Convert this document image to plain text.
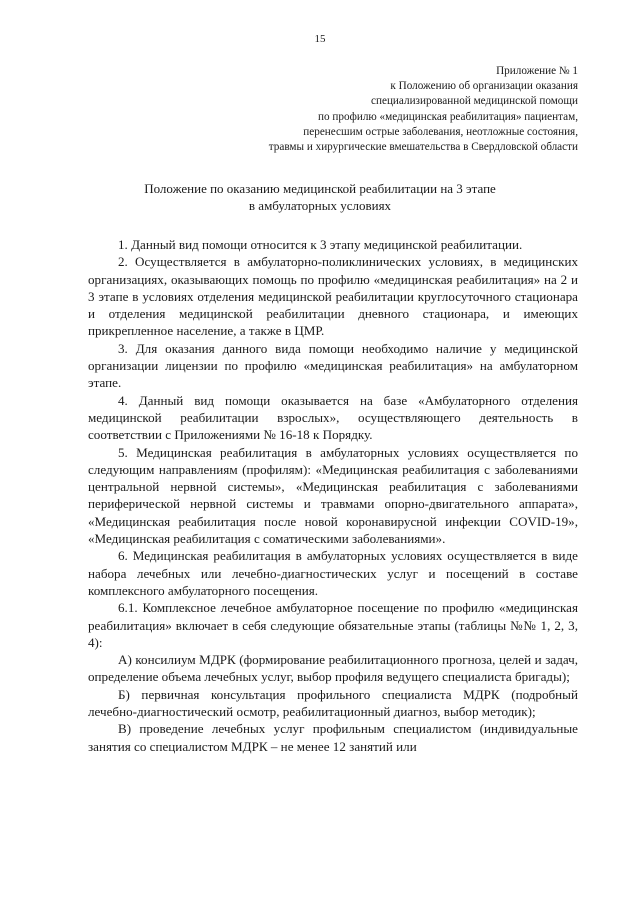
15
Приложение № 1
к Положению об организации оказания
специализированной медицинской помощи
по профилю «медицинская реабилитация» пациентам,
перенесшим острые заболевания, неотложные состояния,
травмы и хирургические вмешательства в Свердловской области
Положение по оказанию медицинской реабилитации на 3 этапе
в амбулаторных условиях

1. Данный вид помощи относится к 3 этапу медицинской реабилитации.

2. Осуществляется в амбулаторно-поликлинических условиях, в медицинских организациях, оказывающих помощь по профилю «медицинская реабилитация» на 2 и 3 этапе в условиях отделения медицинской реабилитации круглосуточного стационара и отделения медицинской реабилитации дневного стационара, и имеющих прикрепленное население, а также в ЦМР.

3. Для оказания данного вида помощи необходимо наличие у медицинской организации лицензии по профилю «медицинская реабилитация» на амбулаторном этапе.

4. Данный вид помощи оказывается на базе «Амбулаторного отделения медицинской реабилитации взрослых», осуществляющего деятельность в соответствии с Приложениями № 16-18 к Порядку.

5. Медицинская реабилитация в амбулаторных условиях осуществляется по следующим направлениям (профилям): «Медицинская реабилитация с заболеваниями центральной нервной системы», «Медицинская реабилитация с заболеваниями периферической нервной системы и травмами опорно-двигательного аппарата», «Медицинская реабилитация после новой коронавирусной инфекции COVID-19», «Медицинская реабилитация с соматическими заболеваниями».

6. Медицинская реабилитация в амбулаторных условиях осуществляется в виде набора лечебных или лечебно-диагностических услуг и посещений в составе комплексного амбулаторного посещения.

6.1. Комплексное лечебное амбулаторное посещение по профилю «медицинская реабилитация» включает в себя следующие обязательные этапы (таблицы №№ 1, 2, 3, 4):

А) консилиум МДРК (формирование реабилитационного прогноза, целей и задач, определение объема лечебных услуг, выбор профиля ведущего специалиста бригады);

Б) первичная консультация профильного специалиста МДРК (подробный лечебно-диагностический осмотр, реабилитационный диагноз, выбор методик);

В) проведение лечебных услуг профильным специалистом (индивидуальные занятия со специалистом МДРК – не менее 12 занятий или
